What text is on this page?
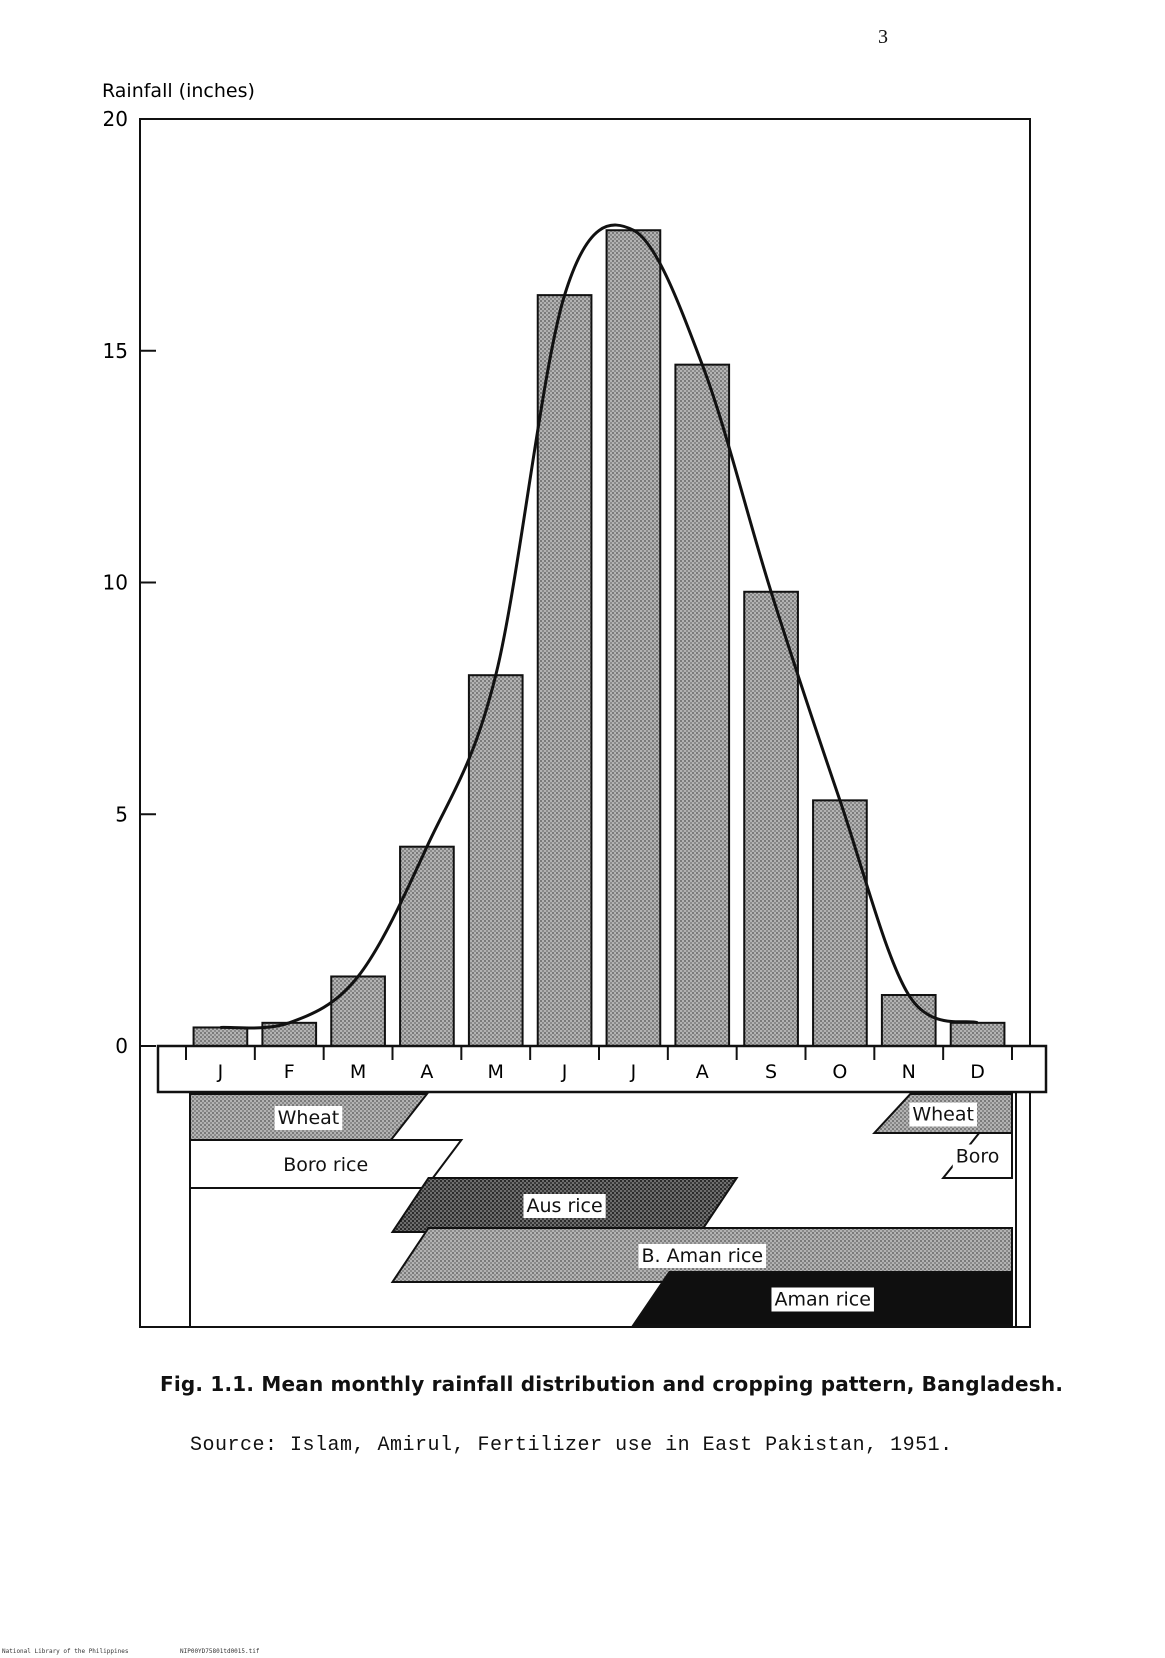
3
Rainfall (inches)
0
5
10
15
20
J	F	M	A	M	J	J	A	S	O	N	D
Wheat	Wheat
Boro rice	Boro
Aus rice
B. Aman rice
Aman rice
Fig. 1.1. Mean monthly rainfall distribution and cropping pattern, Bangladesh.
Source: Islam, Amirul, Fertilizer use in East Pakistan, 1951.
National Library of the Philippines	NIP00YD75801td0015.tif
